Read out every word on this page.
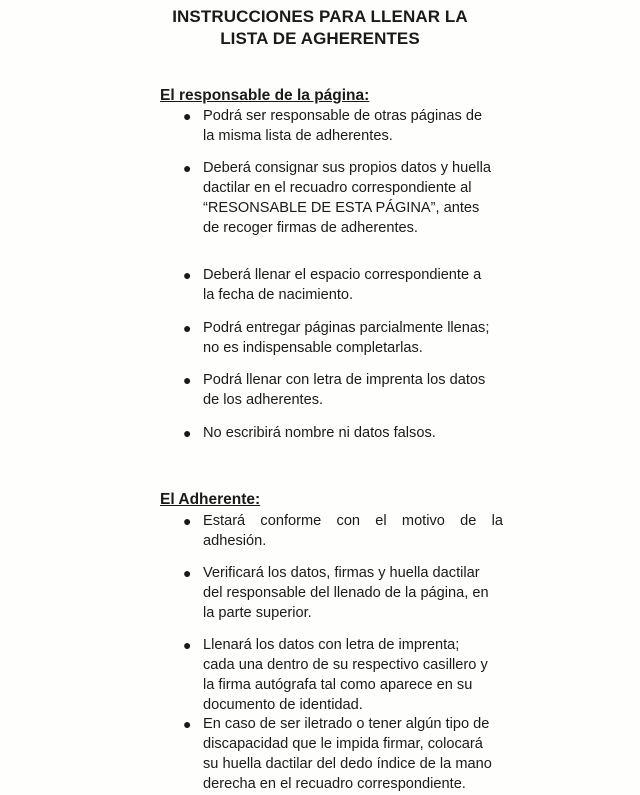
INSTRUCCIONES PARA LLENAR LA
LISTA DE AGHERENTES
El responsable de la página:
● Podrá ser responsable de otras páginas de
la misma lista de adherentes.

● Deberá consignar sus propios datos y huella
dactilar en el recuadro correspondiente al
“RESONSABLE DE ESTA PÁGINA”, antes
de recoger firmas de adherentes.

● Deberá llenar el espacio correspondiente a
la fecha de nacimiento.

● Podrá entregar páginas parcialmente llenas;
no es indispensable completarlas.

● Podrá llenar con letra de imprenta los datos
de los adherentes.

● No escribirá nombre ni datos falsos.

El Adherente:
● Estará conforme con el motivo de la adhesión.

● Verificará los datos, firmas y huella dactilar
del responsable del llenado de la página, en
la parte superior.

● Llenará los datos con letra de imprenta;
cada una dentro de su respectivo casillero y
la firma autógrafa tal como aparece en su
documento de identidad.

● En caso de ser iletrado o tener algún tipo de
discapacidad que le impida firmar, colocará
su huella dactilar del dedo índice de la mano
derecha en el recuadro correspondiente.
